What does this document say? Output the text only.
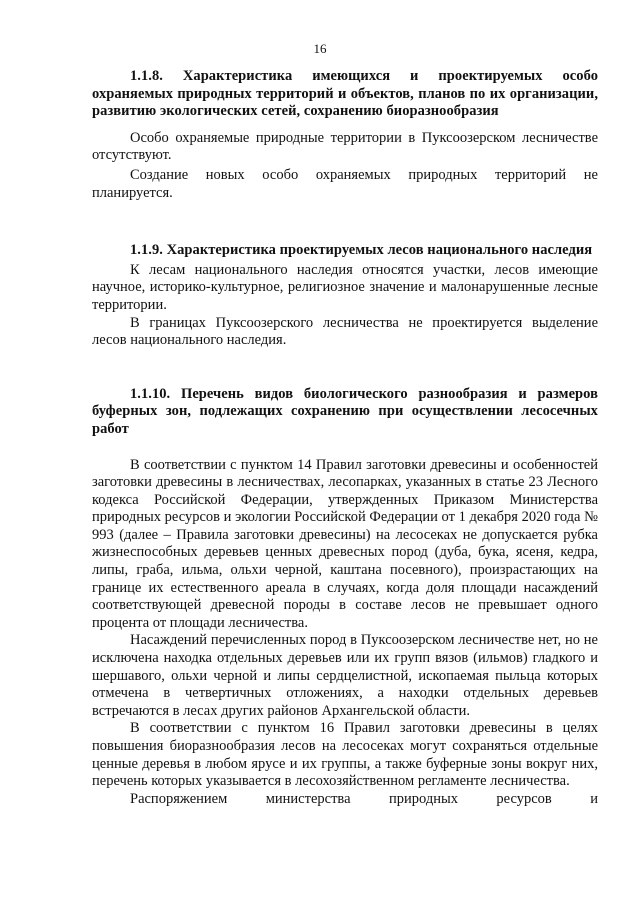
16

1.1.8. Характеристика имеющихся и проектируемых особо охраняемых природных территорий и объектов, планов по их организации, развитию экологических сетей, сохранению биоразнообразия

Особо охраняемые природные территории в Пуксоозерском лесничестве отсутствуют.

Создание новых особо охраняемых природных территорий не планируется.

1.1.9. Характеристика проектируемых лесов национального наследия

К лесам национального наследия относятся участки, лесов имеющие научное, историко-культурное, религиозное значение и малонарушенные лесные территории.

В границах Пуксоозерского лесничества не проектируется выделение лесов национального наследия.

1.1.10. Перечень видов биологического разнообразия и размеров буферных зон, подлежащих сохранению при осуществлении лесосечных работ

В соответствии с пунктом 14 Правил заготовки древесины и особенностей заготовки древесины в лесничествах, лесопарках, указанных в статье 23 Лесного кодекса Российской Федерации, утвержденных Приказом Министерства природных ресурсов и экологии Российской Федерации от 1 декабря 2020 года № 993 (далее – Правила заготовки древесины) на лесосеках не допускается рубка жизнеспособных деревьев ценных древесных пород (дуба, бука, ясеня, кедра, липы, граба, ильма, ольхи черной, каштана посевного), произрастающих на границе их естественного ареала в случаях, когда доля площади насаждений соответствующей древесной породы в составе лесов не превышает одного процента от площади лесничества.

Насаждений перечисленных пород в Пуксоозерском лесничестве нет, но не исключена находка отдельных деревьев или их групп вязов (ильмов) гладкого и шершавого, ольхи черной и липы сердцелистной, ископаемая пыльца которых отмечена в четвертичных отложениях, а находки отдельных деревьев встречаются в лесах других районов Архангельской области.

В соответствии с пунктом 16 Правил заготовки древесины в целях повышения биоразнообразия лесов на лесосеках могут сохраняться отдельные ценные деревья в любом ярусе и их группы, а также буферные зоны вокруг них, перечень которых указывается в лесохозяйственном регламенте лесничества.

Распоряжением министерства природных ресурсов и
